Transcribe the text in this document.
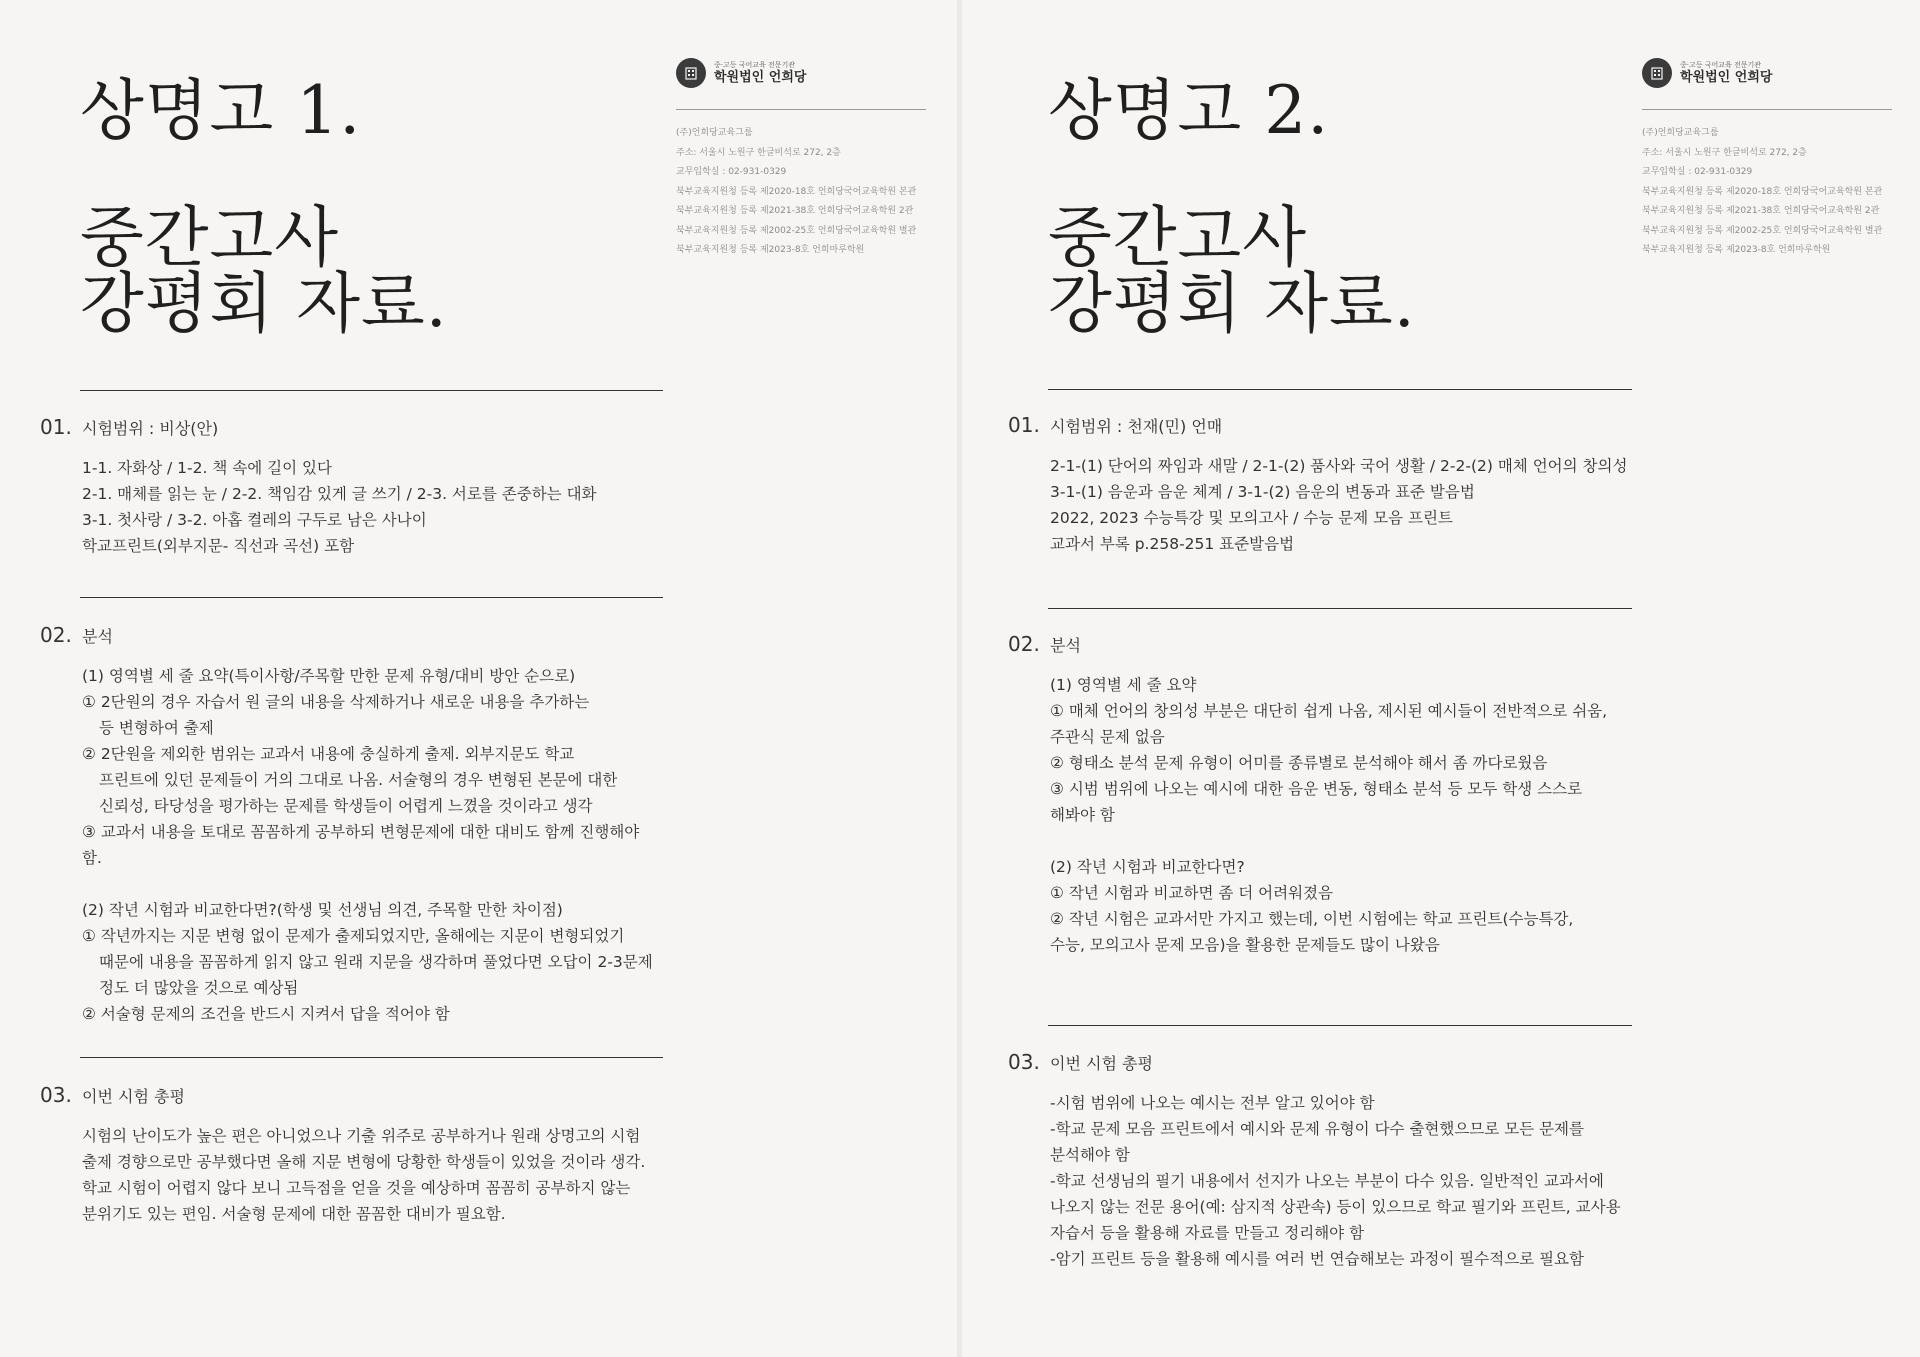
상명고 1.
중간고사
강평회 자료.
중·고등 국어교육 전문기관
학원법인 언희당
(주)언희당교육그룹
주소: 서울시 노원구 한글비석로 272, 2층
교무입학실 : 02-931-0329
북부교육지원청 등록 제2020-18호 언희당국어교육학원 본관
북부교육지원청 등록 제2021-38호 언희당국어교육학원 2관
북부교육지원청 등록 제2002-25호 언희당국어교육학원 별관
북부교육지원청 등록 제2023-8호 언희마루학원
01. 시험범위 : 비상(안)
1-1. 자화상 / 1-2. 책 속에 길이 있다
2-1. 매체를 읽는 눈 / 2-2. 책임감 있게 글 쓰기 / 2-3. 서로를 존중하는 대화
3-1. 첫사랑 / 3-2. 아홉 켤레의 구두로 남은 사나이
학교프린트(외부지문- 직선과 곡선) 포함
02. 분석
(1) 영역별 세 줄 요약(특이사항/주목할 만한 문제 유형/대비 방안 순으로)
① 2단원의 경우 자습서 원 글의 내용을 삭제하거나 새로운 내용을 추가하는
등 변형하여 출제
② 2단원을 제외한 범위는 교과서 내용에 충실하게 출제. 외부지문도 학교
프린트에 있던 문제들이 거의 그대로 나옴. 서술형의 경우 변형된 본문에 대한
신뢰성, 타당성을 평가하는 문제를 학생들이 어렵게 느꼈을 것이라고 생각
③ 교과서 내용을 토대로 꼼꼼하게 공부하되 변형문제에 대한 대비도 함께 진행해야
함.
(2) 작년 시험과 비교한다면?(학생 및 선생님 의견, 주목할 만한 차이점)
① 작년까지는 지문 변형 없이 문제가 출제되었지만, 올해에는 지문이 변형되었기
때문에 내용을 꼼꼼하게 읽지 않고 원래 지문을 생각하며 풀었다면 오답이 2-3문제
정도 더 많았을 것으로 예상됨
② 서술형 문제의 조건을 반드시 지켜서 답을 적어야 함
03. 이번 시험 총평
시험의 난이도가 높은 편은 아니었으나 기출 위주로 공부하거나 원래 상명고의 시험
출제 경향으로만 공부했다면 올해 지문 변형에 당황한 학생들이 있었을 것이라 생각.
학교 시험이 어렵지 않다 보니 고득점을 얻을 것을 예상하며 꼼꼼히 공부하지 않는
분위기도 있는 편임. 서술형 문제에 대한 꼼꼼한 대비가 필요함.
상명고 2.
중간고사
강평회 자료.
중·고등 국어교육 전문기관
학원법인 언희당
(주)언희당교육그룹
주소: 서울시 노원구 한글비석로 272, 2층
교무입학실 : 02-931-0329
북부교육지원청 등록 제2020-18호 언희당국어교육학원 본관
북부교육지원청 등록 제2021-38호 언희당국어교육학원 2관
북부교육지원청 등록 제2002-25호 언희당국어교육학원 별관
북부교육지원청 등록 제2023-8호 언희마루학원
01. 시험범위 : 천재(민) 언매
2-1-(1) 단어의 짜임과 새말 / 2-1-(2) 품사와 국어 생활 / 2-2-(2) 매체 언어의 창의성
3-1-(1) 음운과 음운 체계 / 3-1-(2) 음운의 변동과 표준 발음법
2022, 2023 수능특강 및 모의고사 / 수능 문제 모음 프린트
교과서 부록 p.258-251 표준발음법
02. 분석
(1) 영역별 세 줄 요약
① 매체 언어의 창의성 부분은 대단히 쉽게 나옴, 제시된 예시들이 전반적으로 쉬움,
주관식 문제 없음
② 형태소 분석 문제 유형이 어미를 종류별로 분석해야 해서 좀 까다로웠음
③ 시범 범위에 나오는 예시에 대한 음운 변동, 형태소 분석 등 모두 학생 스스로
해봐야 함
(2) 작년 시험과 비교한다면?
① 작년 시험과 비교하면 좀 더 어려워졌음
② 작년 시험은 교과서만 가지고 했는데, 이번 시험에는 학교 프린트(수능특강,
수능, 모의고사 문제 모음)을 활용한 문제들도 많이 나왔음
03. 이번 시험 총평
-시험 범위에 나오는 예시는 전부 알고 있어야 함
-학교 문제 모음 프린트에서 예시와 문제 유형이 다수 출현했으므로 모든 문제를
분석해야 함
-학교 선생님의 필기 내용에서 선지가 나오는 부분이 다수 있음. 일반적인 교과서에
나오지 않는 전문 용어(예: 삼지적 상관속) 등이 있으므로 학교 필기와 프린트, 교사용
자습서 등을 활용해 자료를 만들고 정리해야 함
-암기 프린트 등을 활용해 예시를 여러 번 연습해보는 과정이 필수적으로 필요함
